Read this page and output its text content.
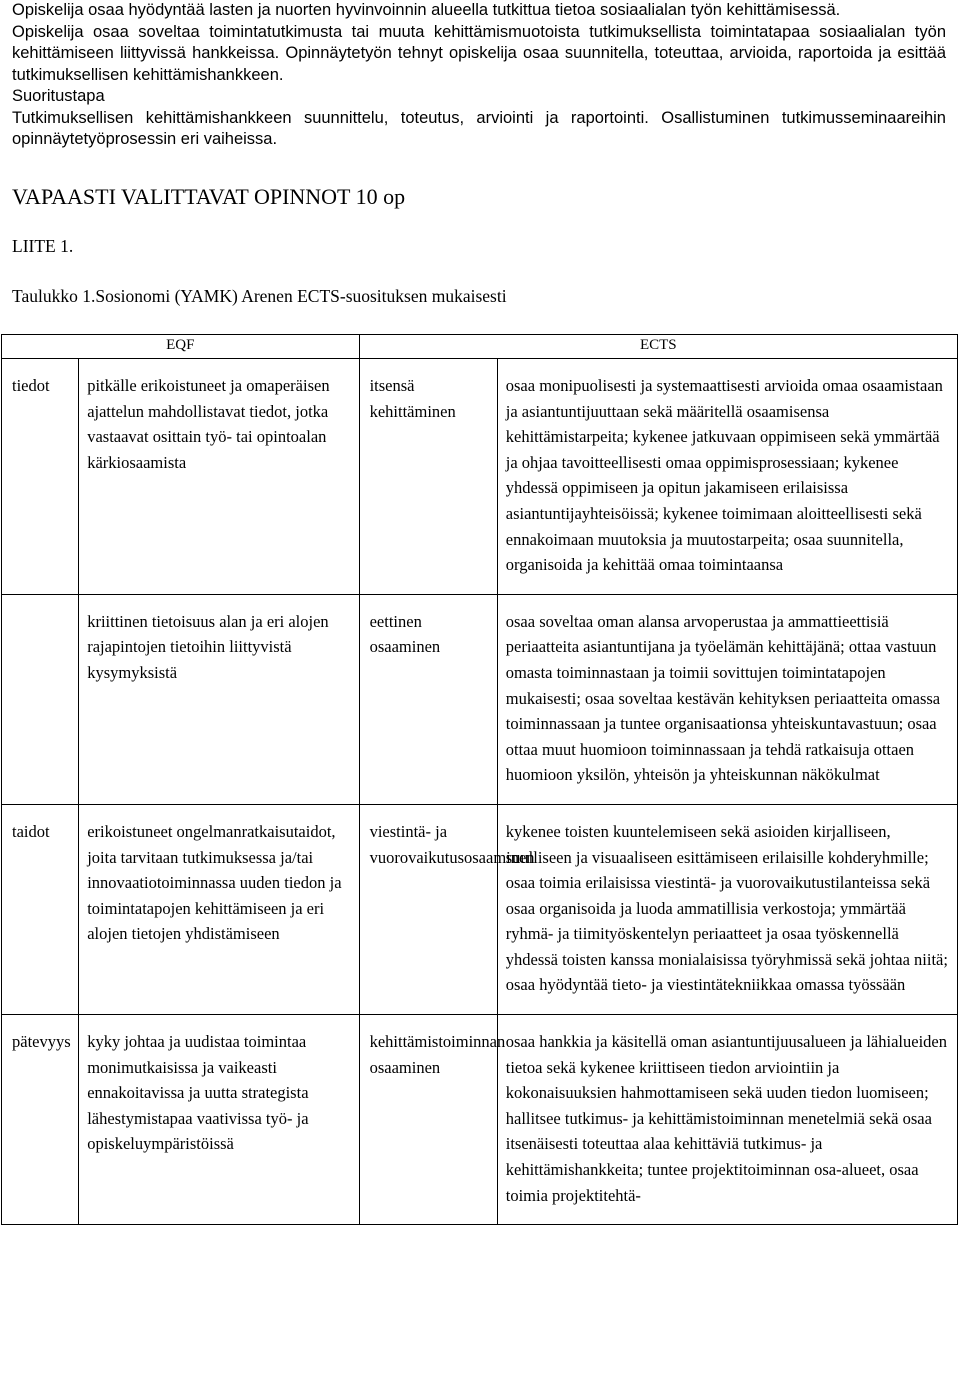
Opiskelija osaa hyödyntää lasten ja nuorten hyvinvoinnin alueella tutkittua tietoa sosiaalialan työn kehittämisessä.

Opiskelija osaa soveltaa toimintatutkimusta tai muuta kehittämismuotoista tutkimuksellista toimintatapaa sosiaalialan työn kehittämiseen liittyvissä hankkeissa. Opinnäytetyön tehnyt opiskelija osaa suunnitella, toteuttaa, arvioida, raportoida ja esittää tutkimuksellisen kehittämishankkeen.

Suoritustapa

Tutkimuksellisen kehittämishankkeen suunnittelu, toteutus, arviointi ja raportointi. Osallistuminen tutkimusseminaareihin opinnäytetyöprosessin eri vaiheissa.

VAPAASTI VALITTAVAT OPINNOT 10 op
LIITE 1.
Taulukko 1.Sosionomi (YAMK) Arenen ECTS-suosituksen mukaisesti
EQF		ECTS	
tiedot	pitkälle erikoistuneet ja omaperäisen ajattelun mahdollistavat tiedot, jotka vastaavat osittain työ- tai opintoalan kärkiosaamista	itsensä kehittäminen	osaa monipuolisesti ja systemaattisesti arvioida omaa osaamistaan ja asiantuntijuuttaan sekä määritellä osaamisensa kehittämistarpeita; kykenee jatkuvaan oppimiseen sekä ymmärtää ja ohjaa tavoitteellisesti omaa oppimisprosessiaan; kykenee yhdessä oppimiseen ja opitun jakamiseen erilaisissa asiantuntijayhteisöissä; kykenee toimimaan aloitteellisesti sekä ennakoimaan muutoksia ja muutostarpeita; osaa suunnitella, organisoida ja kehittää omaa toimintaansa
	kriittinen tietoisuus alan ja eri alojen rajapintojen tietoihin liittyvistä kysymyksistä	eettinen osaaminen	osaa soveltaa oman alansa arvoperustaa ja ammattieettisiä periaatteita asiantuntijana ja työelämän kehittäjänä; ottaa vastuun omasta toiminnastaan ja toimii sovittujen toimintatapojen mukaisesti; osaa soveltaa kestävän kehityksen periaatteita omassa toiminnassaan ja tuntee organisaationsa yhteiskuntavastuun; osaa ottaa muut huomioon toiminnassaan ja tehdä ratkaisuja ottaen huomioon yksilön, yhteisön ja yhteiskunnan näkökulmat
taidot	erikoistuneet ongelmanratkaisutaidot, joita tarvitaan tutkimuksessa ja/tai innovaatiotoiminnassa uuden tiedon ja toimintatapojen kehittämiseen ja eri alojen tietojen yhdistämiseen	viestintä- ja vuorovaikutusosaaminen	kykenee toisten kuuntelemiseen sekä asioiden kirjalliseen, suulliseen ja visuaaliseen esittämiseen erilaisille kohderyhmille; osaa toimia erilaisissa viestintä- ja vuorovaikutustilanteissa sekä osaa organisoida ja luoda ammatillisia verkostoja; ymmärtää ryhmä- ja tiimityöskentelyn periaatteet ja osaa työskennellä yhdessä toisten kanssa monialaisissa työryhmissä sekä johtaa niitä; osaa hyödyntää tieto- ja viestintätekniikkaa omassa työssään
pätevyys	kyky johtaa ja uudistaa toimintaa monimutkaisissa ja vaikeasti ennakoitavissa ja uutta strategista lähestymistapaa vaativissa työ- ja opiskeluympäristöissä	kehittämistoiminnan osaaminen	osaa hankkia ja käsitellä oman asiantuntijuusalueen ja lähialueiden tietoa sekä kykenee kriittiseen tiedon arviointiin ja kokonaisuuksien hahmottamiseen sekä uuden tiedon luomiseen; hallitsee tutkimus- ja kehittämistoiminnan menetelmiä sekä osaa itsenäisesti toteuttaa alaa kehittäviä tutkimus- ja kehittämishankkeita; tuntee projektitoiminnan osa-alueet, osaa toimia projektitehtä-
